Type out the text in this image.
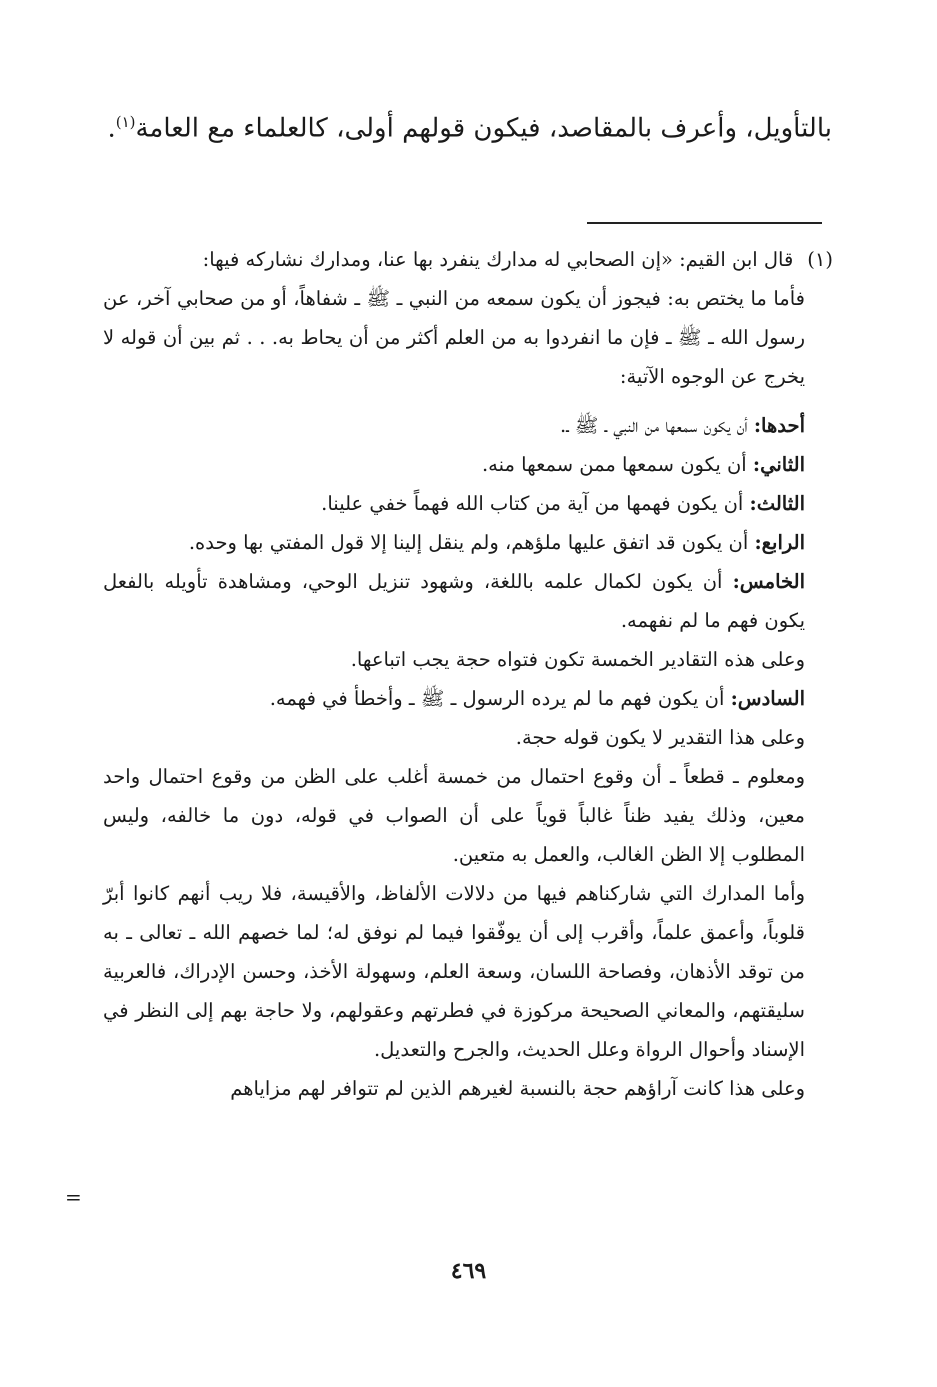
بالتأويل، وأعرف بالمقاصد، فيكون قولهم أولى، كالعلماء مع العامة$^{(١)}$.

(١)قال ابن القيم: «إن الصحابي له مدارك ينفرد بها عنا، ومدارك نشاركه فيها:

فأما ما يختص به: فيجوز أن يكون سمعه من النبي ـ ﷺ ـ شفاهاً، أو من صحابي آخر، عن رسول الله ـ ﷺ ـ فإن ما انفردوا به من العلم أكثر من أن يحاط به. . . ثم بين أن قوله لا يخرج عن الوجوه الآتية:

أحدها: أن يكون سمعها من النبي ـ ﷺ ـ.

الثاني: أن يكون سمعها ممن سمعها منه.

الثالث: أن يكون فهمها من آية من كتاب الله فهماً خفي علينا.

الرابع: أن يكون قد اتفق عليها ملؤهم، ولم ينقل إلينا إلا قول المفتي بها وحده.

الخامس: أن يكون لكمال علمه باللغة، وشهود تنزيل الوحي، ومشاهدة تأويله بالفعل يكون فهم ما لم نفهمه.

وعلى هذه التقادير الخمسة تكون فتواه حجة يجب اتباعها.

السادس: أن يكون فهم ما لم يرده الرسول ـ ﷺ ـ وأخطأ في فهمه.

وعلى هذا التقدير لا يكون قوله حجة.

ومعلوم ـ قطعاً ـ أن وقوع احتمال من خمسة أغلب على الظن من وقوع احتمال واحد معين، وذلك يفيد ظناً غالباً قوياً على أن الصواب في قوله، دون ما خالفه، وليس المطلوب إلا الظن الغالب، والعمل به متعين.

وأما المدارك التي شاركناهم فيها من دلالات الألفاظ، والأقيسة، فلا ريب أنهم كانوا أبرّ قلوباً، وأعمق علماً، وأقرب إلى أن يوفّقوا فيما لم نوفق له؛ لما خصهم الله ـ تعالى ـ به من توقد الأذهان، وفصاحة اللسان، وسعة العلم، وسهولة الأخذ، وحسن الإدراك، فالعربية سليقتهم، والمعاني الصحيحة مركوزة في فطرتهم وعقولهم، ولا حاجة بهم إلى النظر في الإسناد وأحوال الرواة وعلل الحديث، والجرح والتعديل.

وعلى هذا كانت آراؤهم حجة بالنسبة لغيرهم الذين لم تتوافر لهم مزاياهم

=
٤٦٩
